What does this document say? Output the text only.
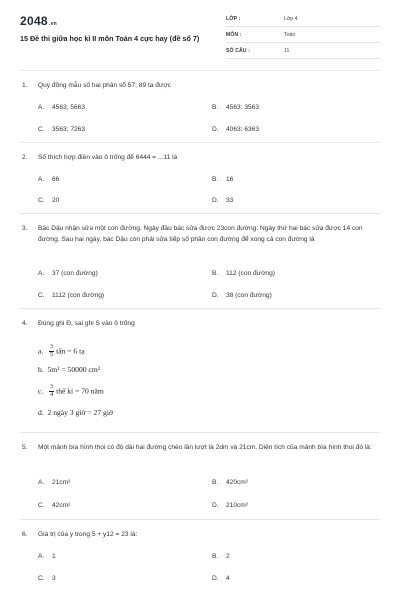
2048.vn
15 Đề thi giữa học kì II môn Toán 4 cực hay (đề số 7)
LỚP :	Lớp 4
MÔN :	Toán
SỐ CÂU :	11
1. Quy đồng mẫu số hai phân số 57; 89 ta được
A. 4563; 5663	B. 4563; 3563
C. 3563; 7263	D. 4063; 6363
2. Số thích hợp điền vào ô trống để 6444 = ...11 là
A. 66	B. 16
C. 20	D. 33
3. Bác Dậu nhận sửa một con đường. Ngày đầu bác sửa được 23con đường. Ngày thứ hai bác sửa được 14 con đường. Sau hai ngày, bác Dậu còn phải sửa tiếp số phần con đường để xong cả con đường là
A. 37 (con đường)	B. 112 (con đường)
C. 1112 (con đường)	D. 38 (con đường)
4. Đúng ghi Đ, sai ghi S vào ô trống
a. $\frac{3}{5}$ tấn = 6 tạ
b. 5m² = 50000 cm²
c. $\frac{3}{4}$ thế kỉ = 70 năm
d. 2 ngày 3 giờ = 27 giờ
5. Một mảnh bìa hình thoi có độ dài hai đường chéo lần lượt là 2dm và 21cm. Diện tích của mảnh bìa hình thoi đó là:
A. 21cm²	B. 420cm²
C. 42cm²	D. 210cm²
6. Giá trị của y trong 5 + y12 = 23 là:
A. 1	B. 2
C. 3	D. 4
